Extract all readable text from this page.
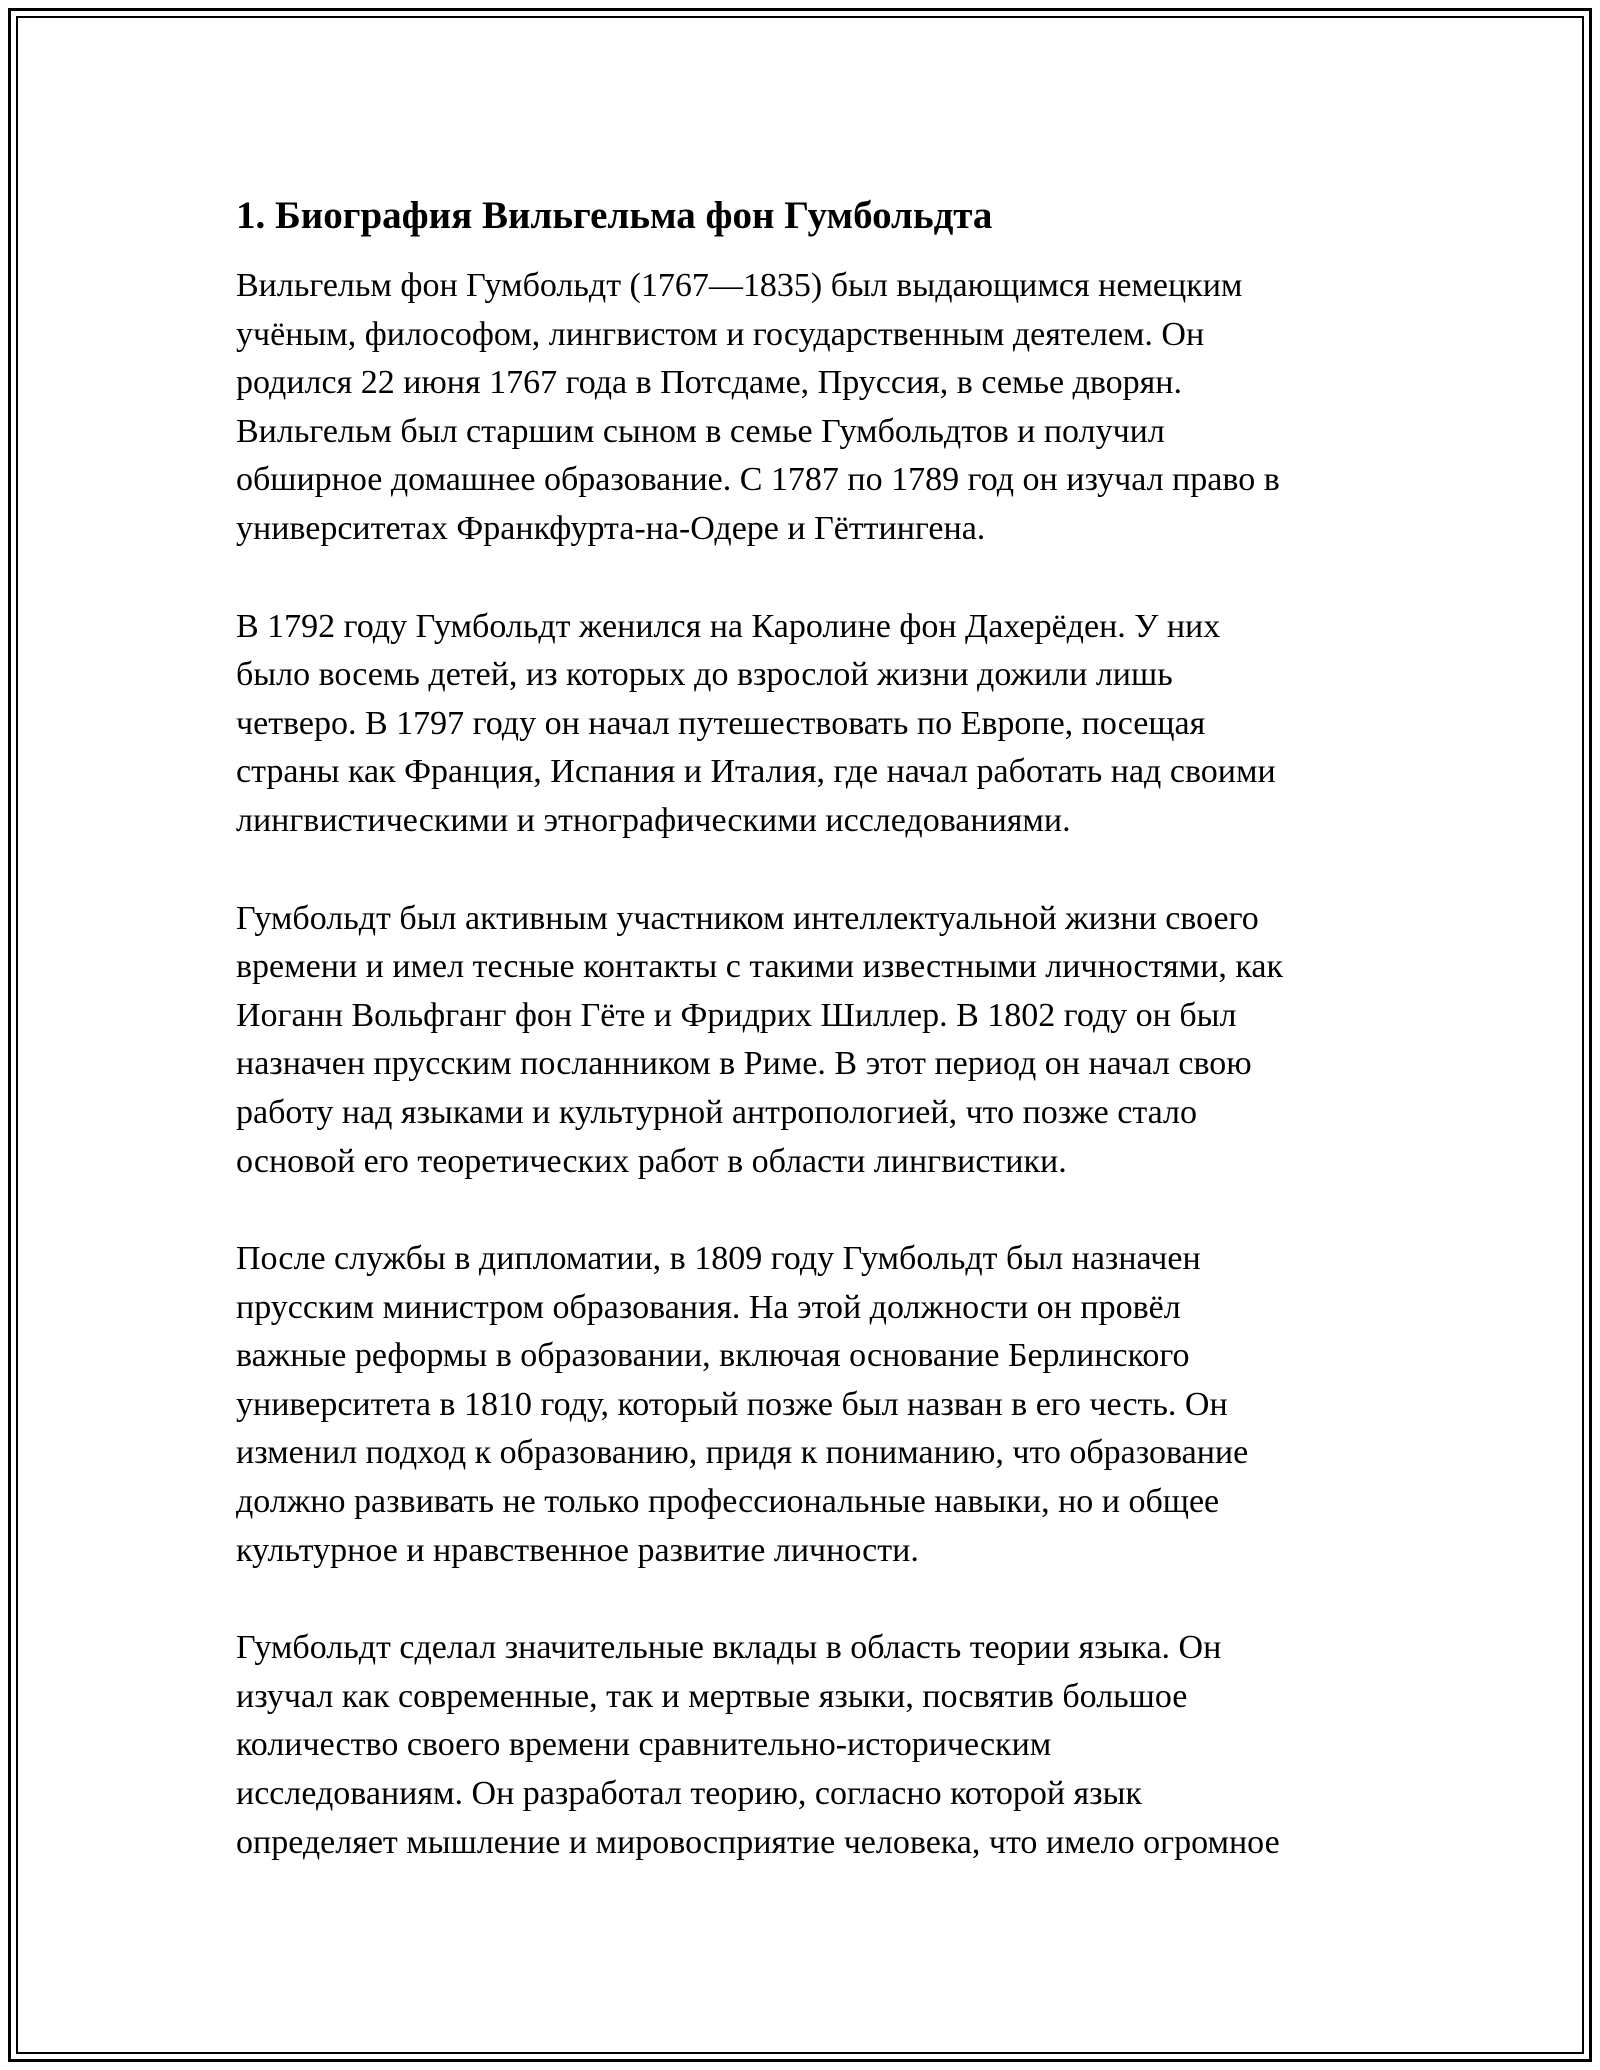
1. Биография Вильгельма фон Гумбольдта

Вильгельм фон Гумбольдт (1767—1835) был выдающимся немецким
учёным, философом, лингвистом и государственным деятелем. Он
родился 22 июня 1767 года в Потсдаме, Пруссия, в семье дворян.
Вильгельм был старшим сыном в семье Гумбольдтов и получил
обширное домашнее образование. С 1787 по 1789 год он изучал право в
университетах Франкфурта-на-Одере и Гёттингена.

В 1792 году Гумбольдт женился на Каролине фон Дахерёден. У них
было восемь детей, из которых до взрослой жизни дожили лишь
четверо. В 1797 году он начал путешествовать по Европе, посещая
страны как Франция, Испания и Италия, где начал работать над своими
лингвистическими и этнографическими исследованиями.

Гумбольдт был активным участником интеллектуальной жизни своего
времени и имел тесные контакты с такими известными личностями, как
Иоганн Вольфганг фон Гёте и Фридрих Шиллер. В 1802 году он был
назначен прусским посланником в Риме. В этот период он начал свою
работу над языками и культурной антропологией, что позже стало
основой его теоретических работ в области лингвистики.

После службы в дипломатии, в 1809 году Гумбольдт был назначен
прусским министром образования. На этой должности он провёл
важные реформы в образовании, включая основание Берлинского
университета в 1810 году, который позже был назван в его честь. Он
изменил подход к образованию, придя к пониманию, что образование
должно развивать не только профессиональные навыки, но и общее
культурное и нравственное развитие личности.

Гумбольдт сделал значительные вклады в область теории языка. Он
изучал как современные, так и мертвые языки, посвятив большое
количество своего времени сравнительно-историческим
исследованиям. Он разработал теорию, согласно которой язык
определяет мышление и мировосприятие человека, что имело огромное
